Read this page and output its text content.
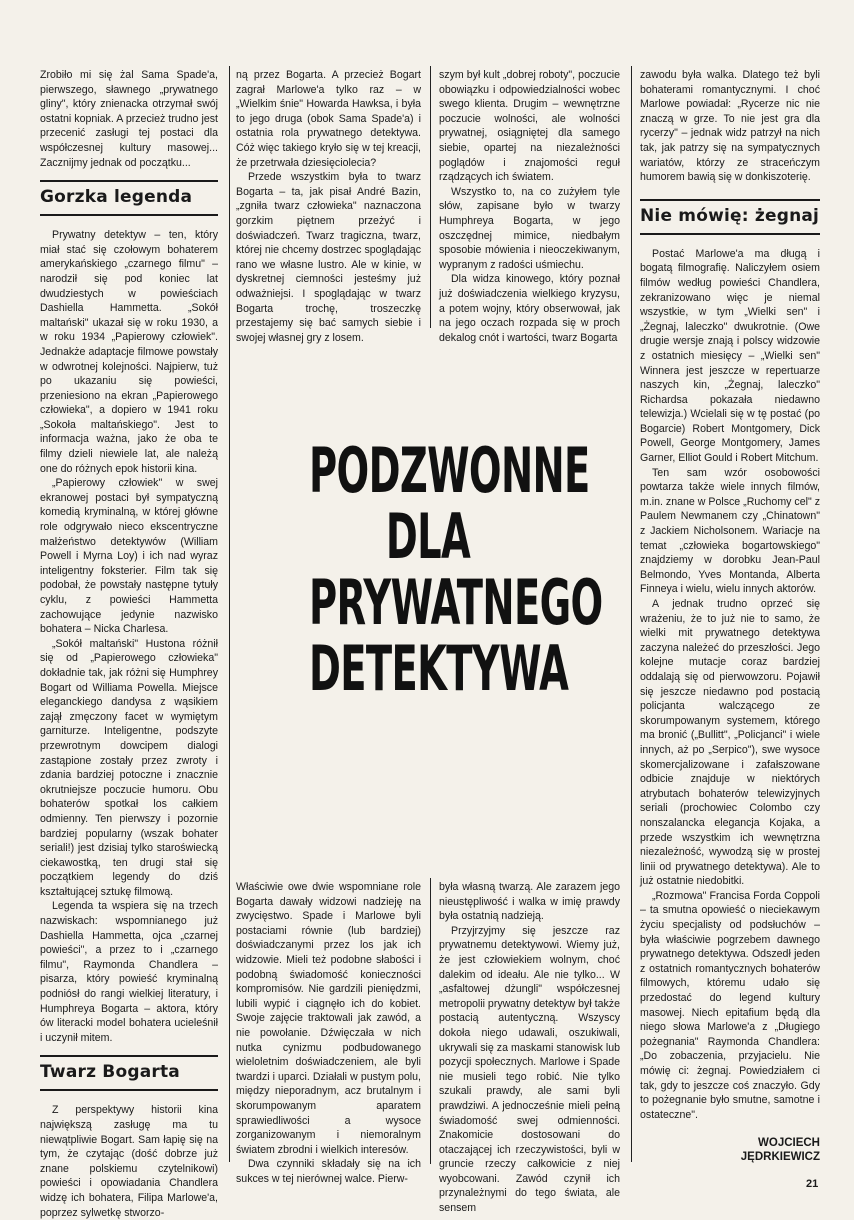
Zrobiło mi się żal Sama Spade'a, pierwszego, sławnego „prywatnego gliny", który znienacka otrzymał swój ostatni kopniak. A przecież trudno jest przecenić zasługi tej postaci dla współczesnej kultury masowej... Zacznijmy jednak od początku...

Gorzka legenda

Prywatny detektyw – ten, który miał stać się czołowym bohaterem amerykańskiego „czarnego filmu" – narodził się pod koniec lat dwudziestych w powieściach Dashiella Hammetta. „Sokół maltański" ukazał się w roku 1930, a w roku 1934 „Papierowy człowiek". Jednakże adaptacje filmowe powstały w odwrotnej kolejności. Najpierw, tuż po ukazaniu się powieści, przeniesiono na ekran „Papierowego człowieka", a dopiero w 1941 roku „Sokoła maltańskiego". Jest to informacja ważna, jako że oba te filmy dzieli niewiele lat, ale należą one do różnych epok historii kina.

„Papierowy człowiek" w swej ekranowej postaci był sympatyczną komedią kryminalną, w której główne role odgrywało nieco ekscentryczne małżeństwo detektywów (William Powell i Myrna Loy) i ich nad wyraz inteligentny foksterier. Film tak się podobał, że powstały następne tytuły cyklu, z powieści Hammetta zachowujące jedynie nazwisko bohatera – Nicka Charlesa.

„Sokół maltański" Hustona różnił się od „Papierowego człowieka" dokładnie tak, jak różni się Humphrey Bogart od Williama Powella. Miejsce eleganckiego dandysa z wąsikiem zajął zmęczony facet w wymiętym garniturze. Inteligentne, podszyte przewrotnym dowcipem dialogi zastąpione zostały przez zwroty i zdania bardziej potoczne i znacznie okrutniejsze poczucie humoru. Obu bohaterów spotkał los całkiem odmienny. Ten pierwszy i pozornie bardziej popularny (wszak bohater seriali!) jest dzisiaj tylko staroświecką ciekawostką, ten drugi stał się początkiem legendy do dziś kształtującej sztukę filmową.

Legenda ta wspiera się na trzech nazwiskach: wspomnianego już Dashiella Hammetta, ojca „czarnej powieści", a przez to i „czarnego filmu", Raymonda Chandlera – pisarza, który powieść kryminalną podniósł do rangi wielkiej literatury, i Humphreya Bogarta – aktora, który ów literacki model bohatera ucieleśnił i uczynił mitem.

Twarz Bogarta

Z perspektywy historii kina największą zasługę ma tu niewątpliwie Bogart. Sam łapię się na tym, że czytając (dość dobrze już znane polskiemu czytelnikowi) powieści i opowiadania Chandlera widzę ich bohatera, Filipa Marlowe'a, poprzez sylwetkę stworzo-

ną przez Bogarta. A przecież Bogart zagrał Marlowe'a tylko raz – w „Wielkim śnie" Howarda Hawksa, i była to jego druga (obok Sama Spade'a) i ostatnia rola prywatnego detektywa. Cóż więc takiego kryło się w tej kreacji, że przetrwała dziesięciolecia?

Przede wszystkim była to twarz Bogarta – ta, jak pisał André Bazin, „zgniła twarz człowieka" naznaczona gorzkim piętnem przeżyć i doświadczeń. Twarz tragiczna, twarz, której nie chcemy dostrzec spoglądając rano we własne lustro. Ale w kinie, w dyskretnej ciemności jesteśmy już odważniejsi. I spoglądając w twarz Bogarta trochę, troszeczkę przestajemy się bać samych siebie i swojej własnej gry z losem.

szym był kult „dobrej roboty", poczucie obowiązku i odpowiedzialności wobec swego klienta. Drugim – wewnętrzne poczucie wolności, ale wolności prywatnej, osiągniętej dla samego siebie, opartej na niezależności poglądów i znajomości reguł rządzących ich światem.

Wszystko to, na co zużyłem tyle słów, zapisane było w twarzy Humphreya Bogarta, w jego oszczędnej mimice, niedbałym sposobie mówienia i nieoczekiwanym, wypranym z radości uśmiechu.

Dla widza kinowego, który poznał już doświadczenia wielkiego kryzysu, a potem wojny, który obserwował, jak na jego oczach rozpada się w proch dekalog cnót i wartości, twarz Bogarta

PODZWONNE
DLA
PRYWATNEGO
DETEKTYWA

Właściwie owe dwie wspomniane role Bogarta dawały widzowi nadzieję na zwycięstwo. Spade i Marlowe byli postaciami równie (lub bardziej) doświadczanymi przez los jak ich widzowie. Mieli też podobne słabości i podobną świadomość konieczności kompromisów. Nie gardzili pieniędzmi, lubili wypić i ciągnęło ich do kobiet. Swoje zajęcie traktowali jak zawód, a nie powołanie. Dźwięczała w nich nutka cynizmu podbudowanego wieloletnim doświadczeniem, ale byli twardzi i uparci. Działali w pustym polu, między nieporadnym, acz brutalnym i skorumpowanym aparatem sprawiedliwości a wysoce zorganizowanym i niemoralnym światem zbrodni i wielkich interesów.

Dwa czynniki składały się na ich sukces w tej nierównej walce. Pierw-

była własną twarzą. Ale zarazem jego nieustępliwość i walka w imię prawdy była ostatnią nadzieją.

Przyjrzyjmy się jeszcze raz prywatnemu detektywowi. Wiemy już, że jest człowiekiem wolnym, choć dalekim od ideału. Ale nie tylko... W „asfaltowej dżungli" współczesnej metropolii prywatny detektyw był także postacią autentyczną. Wszyscy dokoła niego udawali, oszukiwali, ukrywali się za maskami stanowisk lub pozycji społecznych. Marlowe i Spade nie musieli tego robić. Nie tylko szukali prawdy, ale sami byli prawdziwi. A jednocześnie mieli pełną świadomość swej odmienności. Znakomicie dostosowani do otaczającej ich rzeczywistości, byli w gruncie rzeczy całkowicie z niej wyobcowani. Zawód czynił ich przynależnymi do tego świata, ale sensem

zawodu była walka. Dlatego też byli bohaterami romantycznymi. I choć Marlowe powiadał: „Rycerze nic nie znaczą w grze. To nie jest gra dla rycerzy" – jednak widz patrzył na nich tak, jak patrzy się na sympatycznych wariatów, którzy ze straceńczym humorem bawią się w donkiszoterię.

Nie mówię: żegnaj

Postać Marlowe'a ma długą i bogatą filmografię. Naliczyłem osiem filmów według powieści Chandlera, zekranizowano więc je niemal wszystkie, w tym „Wielki sen" i „Żegnaj, laleczko" dwukrotnie. (Owe drugie wersje znają i polscy widzowie z ostatnich miesięcy – „Wielki sen" Winnera jest jeszcze w repertuarze naszych kin, „Żegnaj, laleczko" Richardsa pokazała niedawno telewizja.) Wcielali się w tę postać (po Bogarcie) Robert Montgomery, Dick Powell, George Montgomery, James Garner, Elliot Gould i Robert Mitchum.

Ten sam wzór osobowości powtarza także wiele innych filmów, m.in. znane w Polsce „Ruchomy cel" z Paulem Newmanem czy „Chinatown" z Jackiem Nicholsonem. Wariacje na temat „człowieka bogartowskiego" znajdziemy w dorobku Jean-Paul Belmondo, Yves Montanda, Alberta Finneya i wielu, wielu innych aktorów.

A jednak trudno oprzeć się wrażeniu, że to już nie to samo, że wielki mit prywatnego detektywa zaczyna należeć do przeszłości. Jego kolejne mutacje coraz bardziej oddalają się od pierwowzoru. Pojawił się jeszcze niedawno pod postacią policjanta walczącego ze skorumpowanym systemem, którego ma bronić („Bullitt", „Policjanci" i wiele innych, aż po „Serpico"), swe wysoce skomercjalizowane i zafałszowane odbicie znajduje w niektórych atrybutach bohaterów telewizyjnych seriali (prochowiec Colombo czy nonszalancka elegancja Kojaka, a przede wszystkim ich wewnętrzna niezależność, wywodzą się w prostej linii od prywatnego detektywa). Ale to już ostatnie niedobitki.

„Rozmowa" Francisa Forda Coppoli – ta smutna opowieść o nieciekawym życiu specjalisty od podsłuchów – była właściwie pogrzebem dawnego prywatnego detektywa. Odszedł jeden z ostatnich romantycznych bohaterów filmowych, któremu udało się przedostać do legend kultury masowej. Niech epitafium będą dla niego słowa Marlowe'a z „Długiego pożegnania" Raymonda Chandlera: „Do zobaczenia, przyjacielu. Nie mówię ci: żegnaj. Powiedziałem ci tak, gdy to jeszcze coś znaczyło. Gdy to pożegnanie było smutne, samotne i ostateczne".

WOJCIECH
JĘDRKIEWICZ
21
